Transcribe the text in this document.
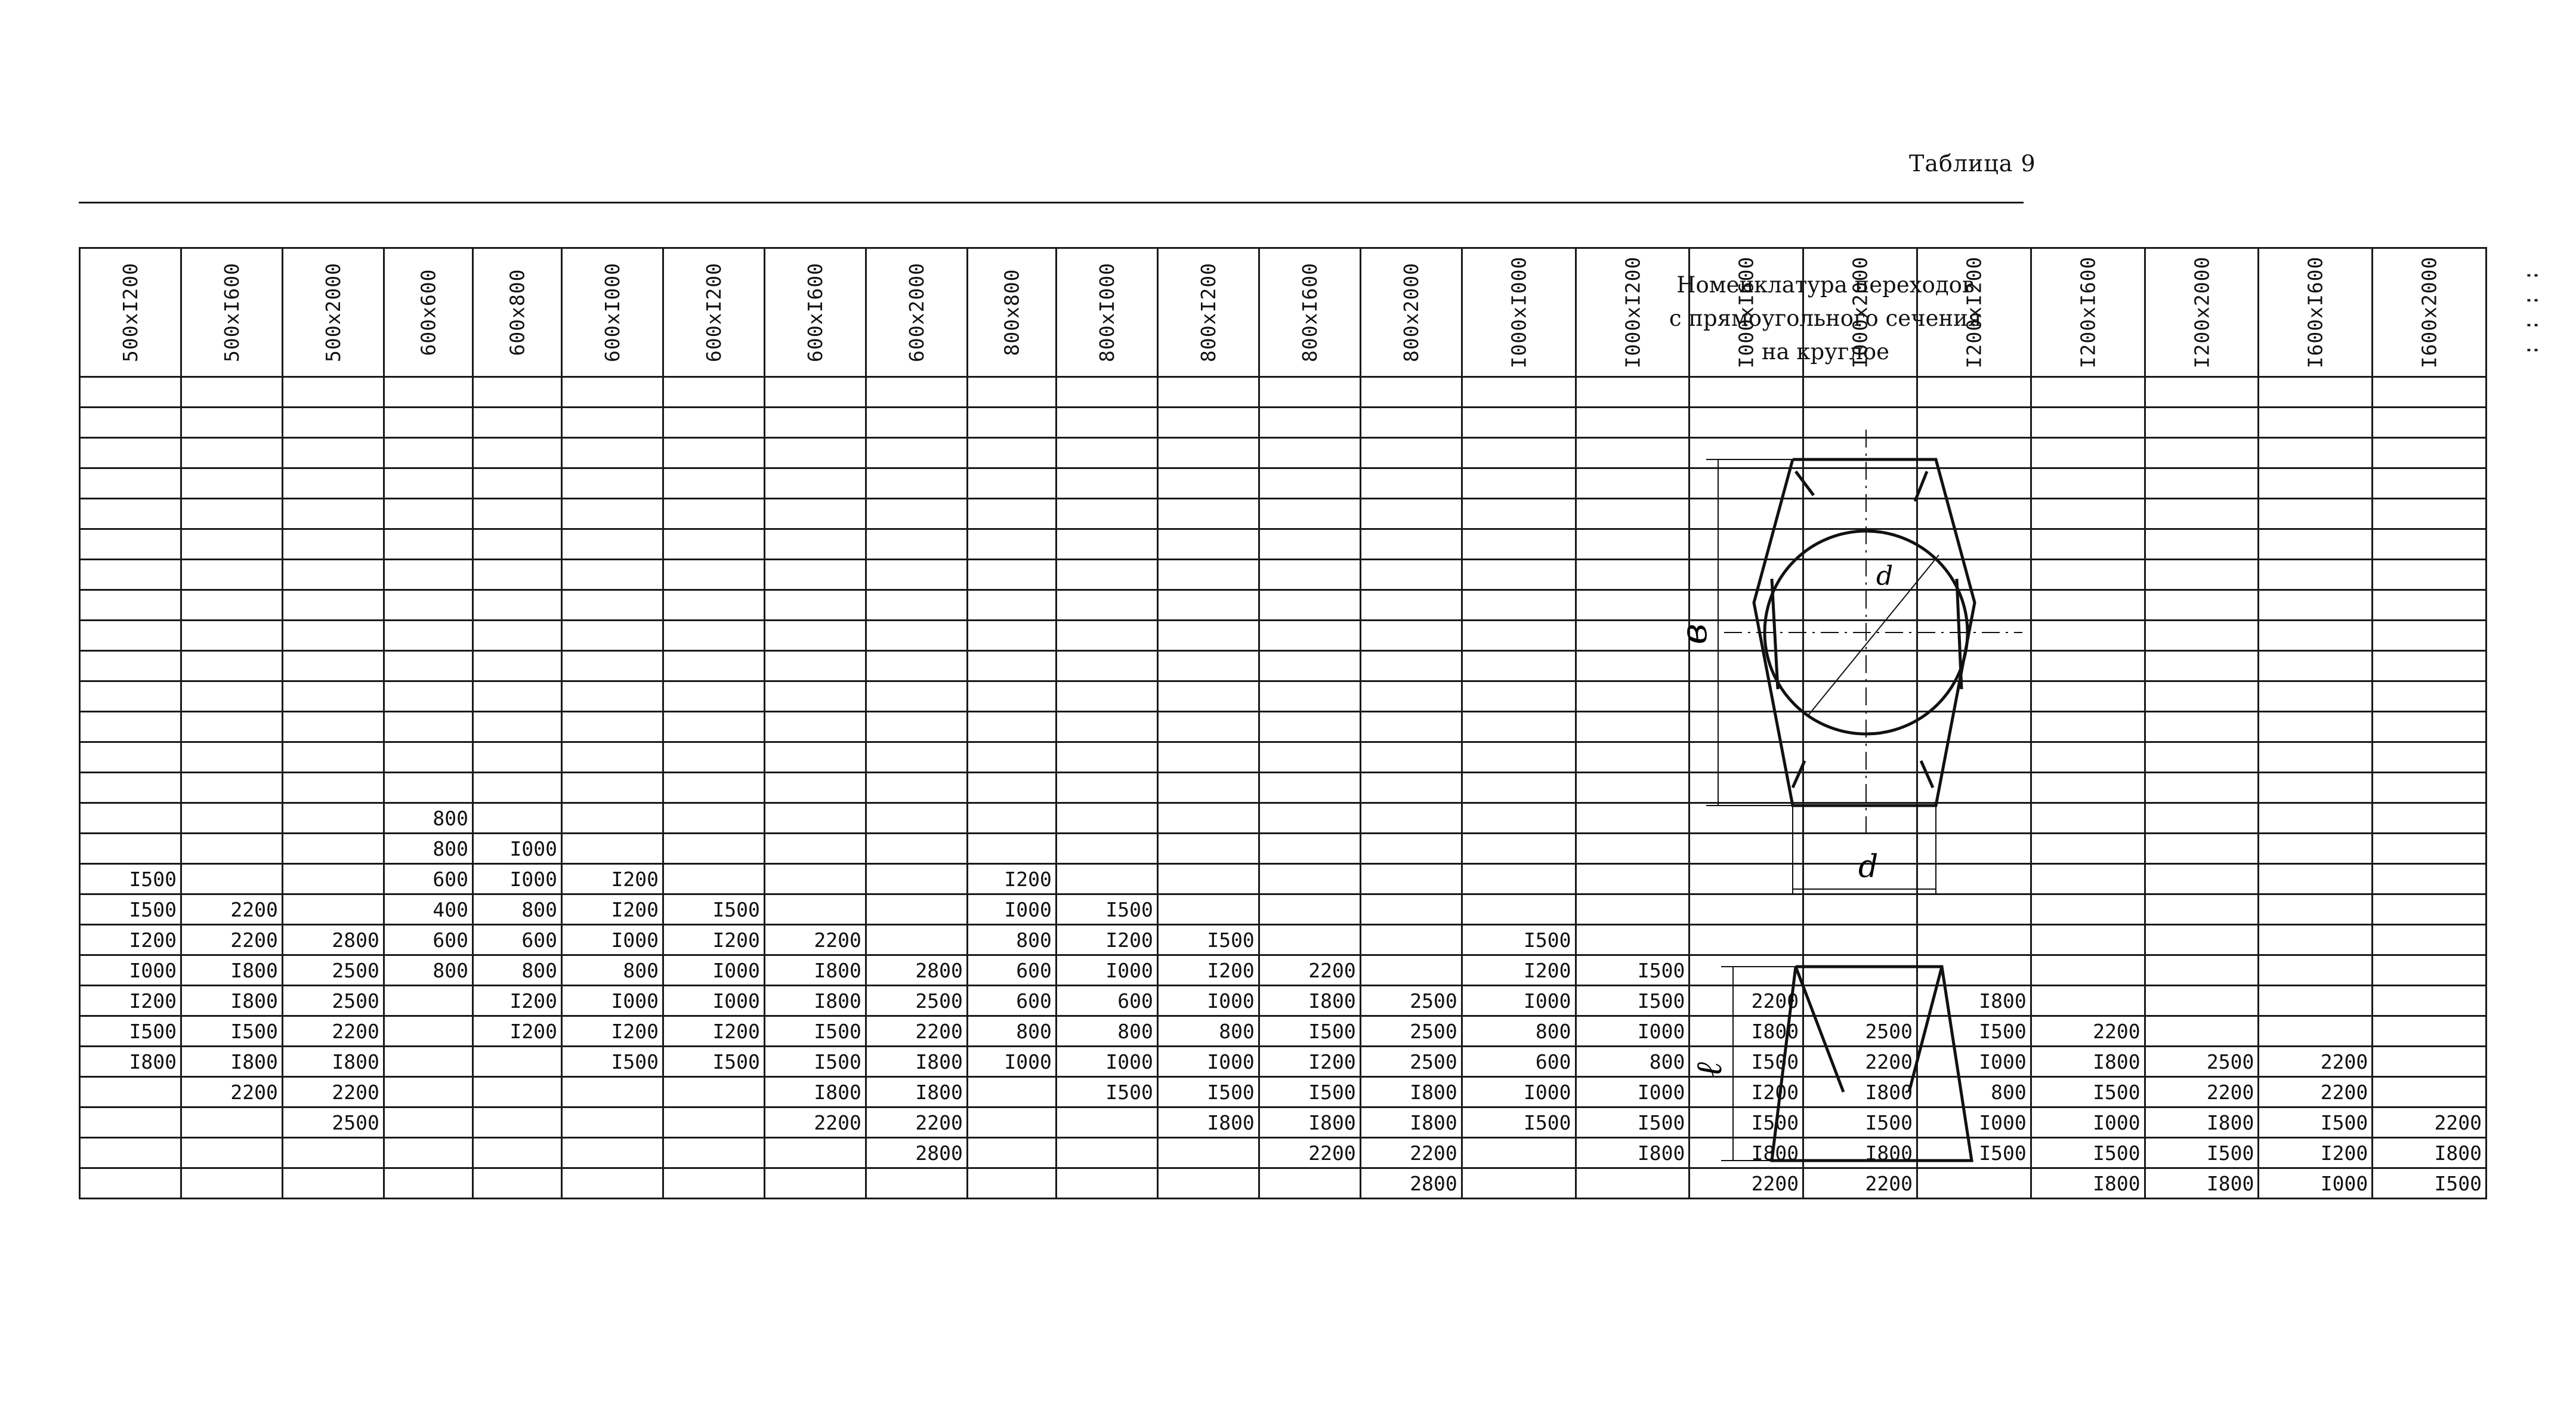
Таблица 9
500xI200	500xI600	500x2000	600x600	600x800	600xI000	600xI200	600xI600	600x2000	800x800	800xI000	800xI200	800xI600	800x2000	I000xI000	I000xI200	I000xI600	I000x2000	I200xI200	I200xI600	I200x2000	I600xI600	I600x2000	: : : :

			800																				
			800	I000																			
I500			600	I000	I200				I200														
I500	2200		400	800	I200	I500			I000	I500													
I200	2200	2800	600	600	I000	I200	2200		800	I200	I500			I500									
I000	I800	2500	800	800	800	I000	I800	2800	600	I000	I200	2200		I200	I500								
I200	I800	2500		I200	I000	I000	I800	2500	600	600	I000	I800	2500	I000	I500	2200		I800					
I500	I500	2200		I200	I200	I200	I500	2200	800	800	800	I500	2500	800	I000	I800	2500	I500	2200				
I800	I800	I800			I500	I500	I500	I800	I000	I000	I000	I200	2500	600	800	I500	2200	I000	I800	2500	2200		
	2200	2200					I800	I800		I500	I500	I500	I800	I000	I000	I200	I800	800	I500	2200	2200		
		2500					2200	2200			I800	I800	I800	I500	I500	I500	I500	I000	I000	I800	I500	2200	
								2800				2200	2200		I800	I800	I800	I500	I500	I500	I200	I800	
													2800			2200	2200		I800	I800	I000	I500	
Номенклатура переходов
с прямоугольного сечения
на круглое
в
d
d
ℓ
